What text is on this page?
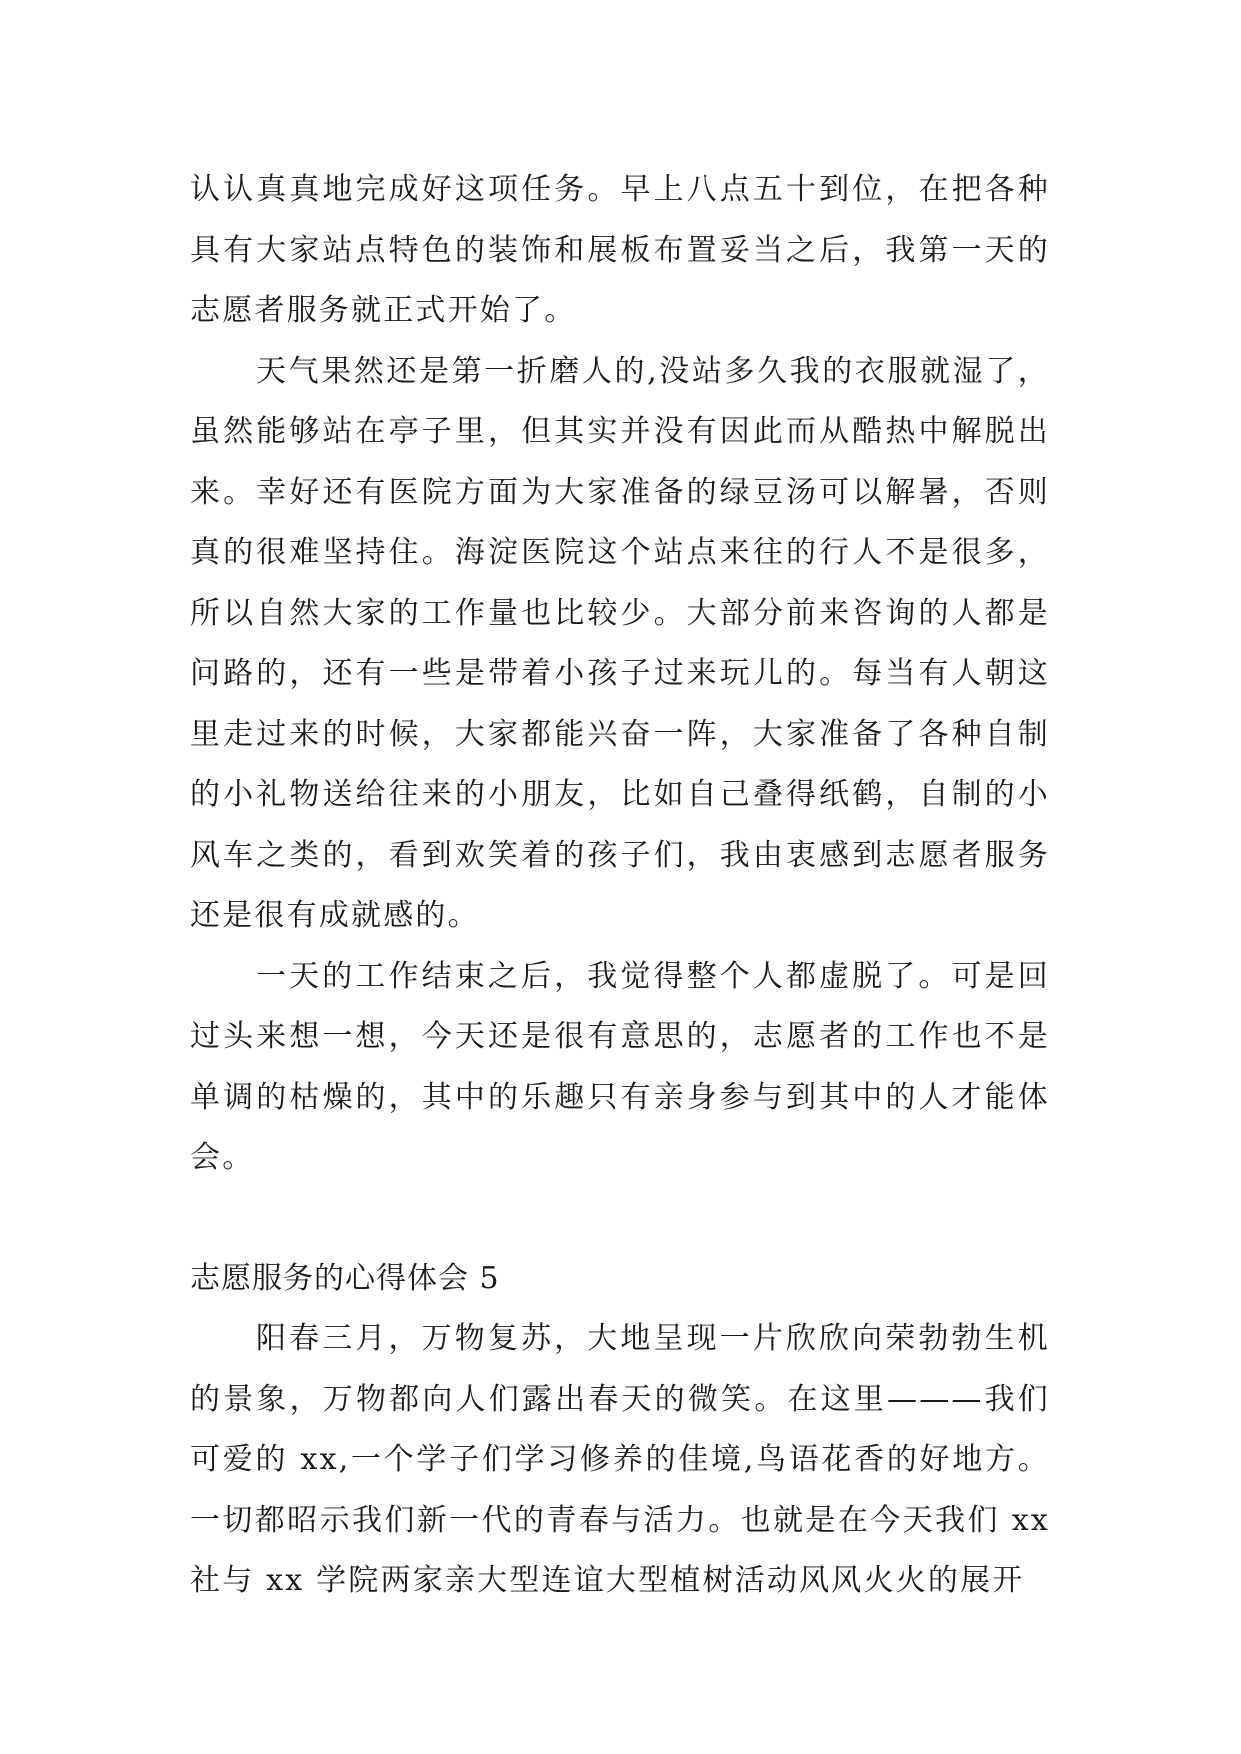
认认真真地完成好这项任务。早上八点五十到位，在把各种具有大家站点特色的装饰和展板布置妥当之后，我第一天的志愿者服务就正式开始了。

天气果然还是第一折磨人的,没站多久我的衣服就湿了，虽然能够站在亭子里，但其实并没有因此而从酷热中解脱出来。幸好还有医院方面为大家准备的绿豆汤可以解暑，否则真的很难坚持住。海淀医院这个站点来往的行人不是很多，所以自然大家的工作量也比较少。大部分前来咨询的人都是问路的，还有一些是带着小孩子过来玩儿的。每当有人朝这里走过来的时候，大家都能兴奋一阵，大家准备了各种自制的小礼物送给往来的小朋友，比如自己叠得纸鹤，自制的小风车之类的，看到欢笑着的孩子们，我由衷感到志愿者服务还是很有成就感的。

一天的工作结束之后，我觉得整个人都虚脱了。可是回过头来想一想，今天还是很有意思的，志愿者的工作也不是单调的枯燥的，其中的乐趣只有亲身参与到其中的人才能体会。

志愿服务的心得体会 5

阳春三月，万物复苏，大地呈现一片欣欣向荣勃勃生机的景象，万物都向人们露出春天的微笑。在这里———我们可爱的 xx,一个学子们学习修养的佳境,鸟语花香的好地方。一切都昭示我们新一代的青春与活力。也就是在今天我们 xx 社与 xx 学院两家亲大型连谊大型植树活动风风火火的展开
